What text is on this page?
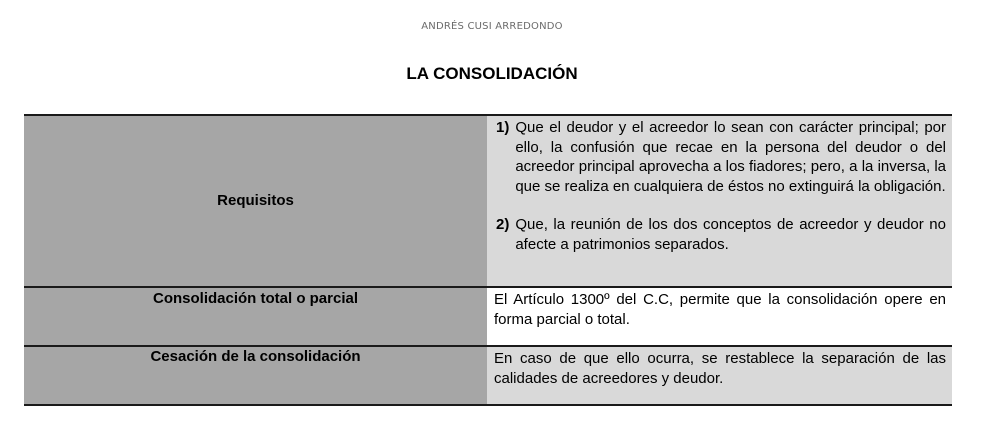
ANDRÉS CUSI ARREDONDO
LA CONSOLIDACIÓN
Requisitos
1) Que el deudor y el acreedor lo sean con carácter principal; por ello, la confusión que recae en la persona del deudor o del acreedor principal aprovecha a los fiadores; pero, a la inversa, la que se realiza en cualquiera de éstos no extinguirá la obligación.
2) Que, la reunión de los dos conceptos de acreedor y deudor no afecte a patrimonios separados.
Consolidación total o parcial	El Artículo 1300º del C.C, permite que la consolidación opere en forma parcial o total.
Cesación de la consolidación	En caso de que ello ocurra, se restablece la separación de las calidades de acreedores y deudor.
